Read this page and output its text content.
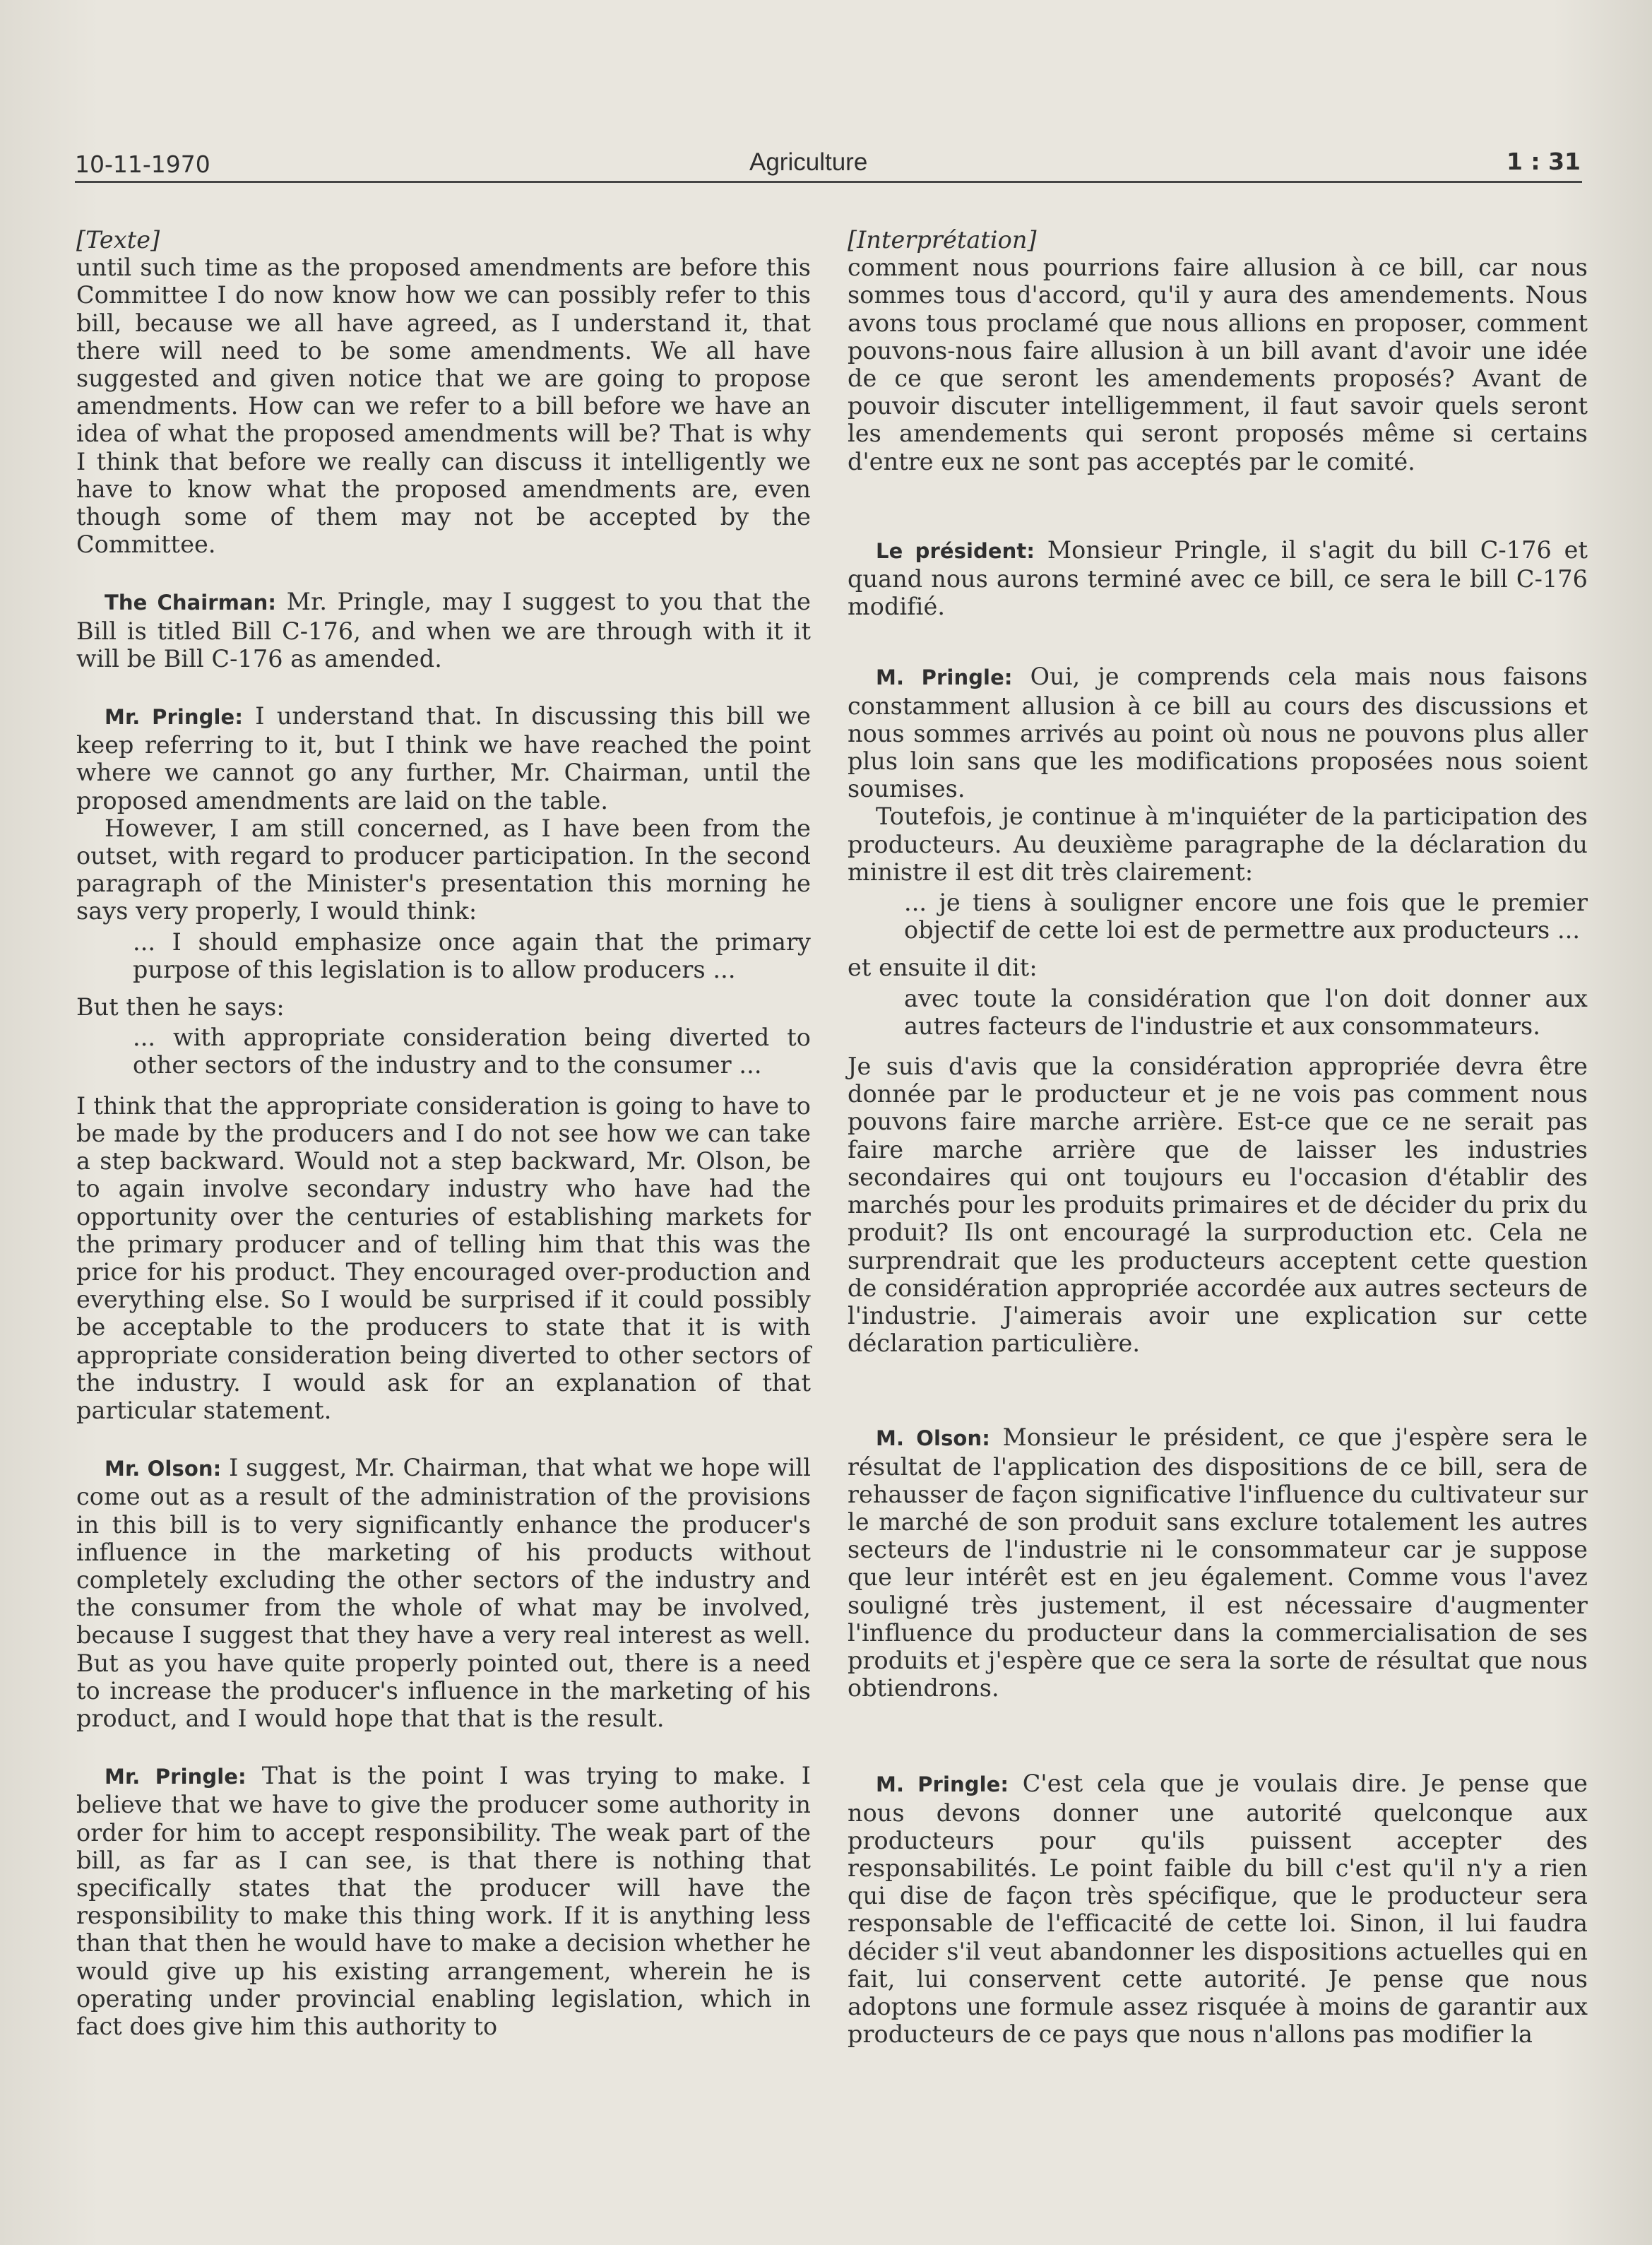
10-11-1970	Agriculture	1 : 31

[Texte]

until such time as the proposed amendments are before this Committee I do now know how we can possibly refer to this bill, because we all have agreed, as I understand it, that there will need to be some amendments. We all have suggested and given notice that we are going to propose amendments. How can we refer to a bill before we have an idea of what the proposed amendments will be? That is why I think that before we really can discuss it intelligently we have to know what the proposed amendments are, even though some of them may not be accepted by the Committee.

The Chairman: Mr. Pringle, may I suggest to you that the Bill is titled Bill C-176, and when we are through with it it will be Bill C-176 as amended.

Mr. Pringle: I understand that. In discussing this bill we keep referring to it, but I think we have reached the point where we cannot go any further, Mr. Chairman, until the proposed amendments are laid on the table.

However, I am still concerned, as I have been from the outset, with regard to producer participation. In the second paragraph of the Minister's presentation this morning he says very properly, I would think:

... I should emphasize once again that the primary purpose of this legislation is to allow producers ...

But then he says:

... with appropriate consideration being diverted to other sectors of the industry and to the consumer ...

I think that the appropriate consideration is going to have to be made by the producers and I do not see how we can take a step backward. Would not a step backward, Mr. Olson, be to again involve secondary industry who have had the opportunity over the centuries of establishing markets for the primary producer and of telling him that this was the price for his product. They encouraged over-production and everything else. So I would be surprised if it could possibly be acceptable to the producers to state that it is with appropriate consideration being diverted to other sectors of the industry. I would ask for an explanation of that particular statement.

Mr. Olson: I suggest, Mr. Chairman, that what we hope will come out as a result of the administration of the provisions in this bill is to very significantly enhance the producer's influence in the marketing of his products without completely excluding the other sectors of the industry and the consumer from the whole of what may be involved, because I suggest that they have a very real interest as well. But as you have quite properly pointed out, there is a need to increase the producer's influence in the marketing of his product, and I would hope that that is the result.

Mr. Pringle: That is the point I was trying to make. I believe that we have to give the producer some authority in order for him to accept responsibility. The weak part of the bill, as far as I can see, is that there is nothing that specifically states that the producer will have the responsibility to make this thing work. If it is anything less than that then he would have to make a decision whether he would give up his existing arrangement, wherein he is operating under provincial enabling legislation, which in fact does give him this authority to

[Interprétation]

comment nous pourrions faire allusion à ce bill, car nous sommes tous d'accord, qu'il y aura des amendements. Nous avons tous proclamé que nous allions en proposer, comment pouvons-nous faire allusion à un bill avant d'avoir une idée de ce que seront les amendements proposés? Avant de pouvoir discuter intelligemment, il faut savoir quels seront les amendements qui seront proposés même si certains d'entre eux ne sont pas acceptés par le comité.

Le président: Monsieur Pringle, il s'agit du bill C-176 et quand nous aurons terminé avec ce bill, ce sera le bill C-176 modifié.

M. Pringle: Oui, je comprends cela mais nous faisons constamment allusion à ce bill au cours des discussions et nous sommes arrivés au point où nous ne pouvons plus aller plus loin sans que les modifications proposées nous soient soumises.

Toutefois, je continue à m'inquiéter de la participation des producteurs. Au deuxième paragraphe de la déclaration du ministre il est dit très clairement:

... je tiens à souligner encore une fois que le premier objectif de cette loi est de permettre aux producteurs ...

et ensuite il dit:

avec toute la considération que l'on doit donner aux autres facteurs de l'industrie et aux consommateurs.

Je suis d'avis que la considération appropriée devra être donnée par le producteur et je ne vois pas comment nous pouvons faire marche arrière. Est-ce que ce ne serait pas faire marche arrière que de laisser les industries secondaires qui ont toujours eu l'occasion d'établir des marchés pour les produits primaires et de décider du prix du produit? Ils ont encouragé la surproduction etc. Cela ne surprendrait que les producteurs acceptent cette question de considération appropriée accordée aux autres secteurs de l'industrie. J'aimerais avoir une explication sur cette déclaration particulière.

M. Olson: Monsieur le président, ce que j'espère sera le résultat de l'application des dispositions de ce bill, sera de rehausser de façon significative l'influence du cultivateur sur le marché de son produit sans exclure totalement les autres secteurs de l'industrie ni le consommateur car je suppose que leur intérêt est en jeu également. Comme vous l'avez souligné très justement, il est nécessaire d'augmenter l'influence du producteur dans la commercialisation de ses produits et j'espère que ce sera la sorte de résultat que nous obtiendrons.

M. Pringle: C'est cela que je voulais dire. Je pense que nous devons donner une autorité quelconque aux producteurs pour qu'ils puissent accepter des responsabilités. Le point faible du bill c'est qu'il n'y a rien qui dise de façon très spécifique, que le producteur sera responsable de l'efficacité de cette loi. Sinon, il lui faudra décider s'il veut abandonner les dispositions actuelles qui en fait, lui conservent cette autorité. Je pense que nous adoptons une formule assez risquée à moins de garantir aux producteurs de ce pays que nous n'allons pas modifier la
